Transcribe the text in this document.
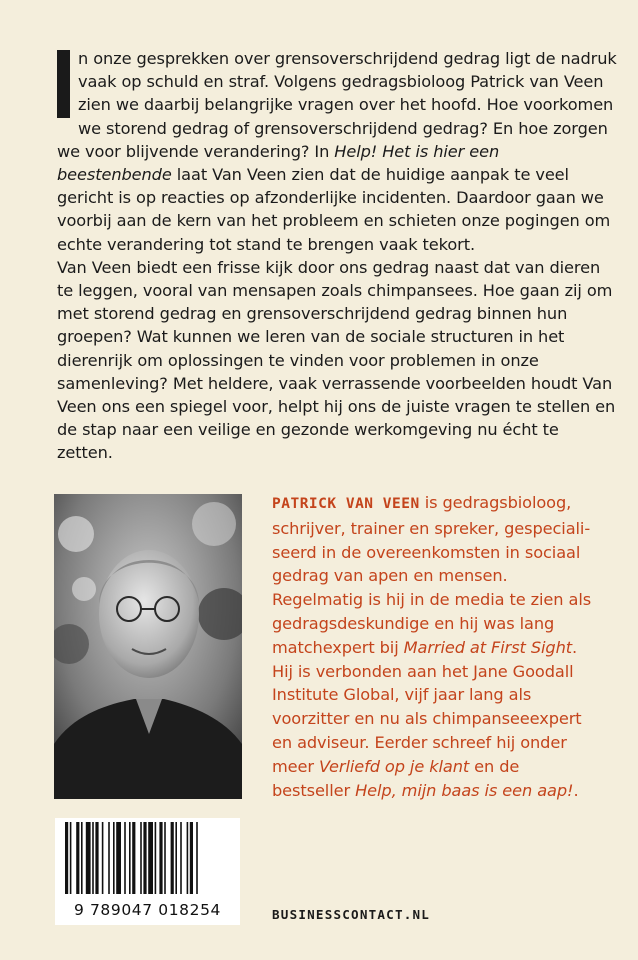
n onze gesprekken over grensoverschrijdend gedrag ligt de nadruk vaak op schuld en straf. Volgens gedragsbioloog Patrick van Veen zien we daarbij belangrijke vragen over het hoofd. Hoe voorkomen we storend gedrag of grensoverschrijdend gedrag? En hoe zorgen we voor blijvende verandering? In Help! Het is hier een beestenbende laat Van Veen zien dat de huidige aanpak te veel gericht is op reacties op afzonderlijke incidenten. Daardoor gaan we voorbij aan de kern van het probleem en schieten onze pogingen om echte verandering tot stand te brengen vaak tekort.

Van Veen biedt een frisse kijk door ons gedrag naast dat van dieren te leggen, vooral van mensapen zoals chimpansees. Hoe gaan zij om met storend gedrag en grensoverschrijdend gedrag binnen hun groepen? Wat kunnen we leren van de sociale structuren in het dierenrijk om oplossingen te vinden voor problemen in onze samenleving? Met heldere, vaak verrassende voorbeelden houdt Van Veen ons een spiegel voor, helpt hij ons de juiste vragen te stellen en de stap naar een veilige en gezonde werkomgeving nu écht te zetten.

PATRICK VAN VEEN is gedragsbioloog, schrijver, trainer en spreker, gespecialiseerd in de overeenkomsten in sociaal gedrag van apen en mensen. Regelmatig is hij in de media te zien als gedragsdeskundige en hij was lang matchexpert bij Married at First Sight. Hij is verbonden aan het Jane Goodall Institute Global, vijf jaar lang als voorzitter en nu als chimpanseeexpert en adviseur. Eerder schreef hij onder meer Verliefd op je klant en de bestseller Help, mijn baas is een aap!.

9 789047 018254	BUSINESSCONTACT.NL
